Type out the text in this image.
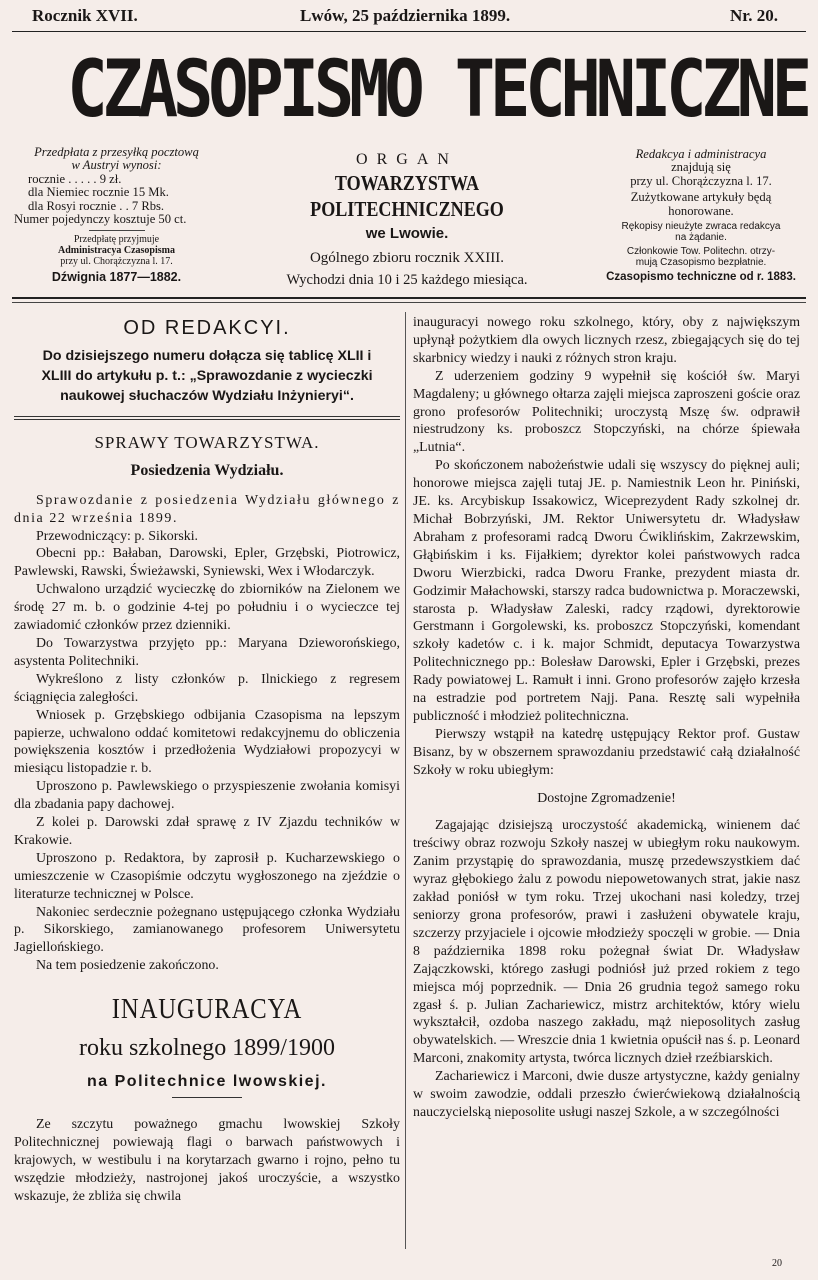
Rocznik XVII.	Lwów, 25 października 1899.	Nr. 20.
CZASOPISMO TECHNICZNE
Przedpłata z przesyłką pocztową
w Austryi wynosi:
rocznie . . . . . 9 zł.
dla Niemiec rocznie 15 Mk.
dla Rosyi rocznie . . 7 Rbs.
Numer pojedynczy kosztuje 50 ct.
Przedpłatę przyjmuje
Administracya Czasopisma
przy ul. Chorążczyzna l. 17.
Dźwignia 1877—1882.
ORGAN
TOWARZYSTWA POLITECHNICZNEGO
we Lwowie.
Ogólnego zbioru rocznik XXIII.
Wychodzi dnia 10 i 25 każdego miesiąca.
Redakcya i administracya
znajdują się
przy ul. Chorążczyzna l. 17.
Zużytkowane artykuły będą
honorowane.
Rękopisy nieużyte zwraca redakcya
na żądanie.
Członkowie Tow. Politechn. otrzy-
mują Czasopismo bezpłatnie.
Czasopismo techniczne od r. 1883.
OD REDAKCYI.
Do dzisiejszego numeru dołącza się tablicę XLII i XLIII do artykułu p. t.: „Sprawozdanie z wycieczki naukowej słuchaczów Wydziału Inżynieryi“.
SPRAWY TOWARZYSTWA.
Posiedzenia Wydziału.

Sprawozdanie z posiedzenia Wydziału głównego z dnia 22 września 1899.

Przewodniczący: p. Sikorski.

Obecni pp.: Bałaban, Darowski, Epler, Grzębski, Piotrowicz, Pawlewski, Rawski, Świeżawski, Syniewski, Wex i Włodarczyk.

Uchwalono urządzić wycieczkę do zbiorników na Zielonem we środę 27 m. b. o godzinie 4-tej po południu i o wycieczce tej zawiadomić członków przez dzienniki.

Do Towarzystwa przyjęto pp.: Maryana Dzieworońskiego, asystenta Politechniki.

Wykreślono z listy członków p. Ilnickiego z regresem ściągnięcia zaległości.

Wniosek p. Grzębskiego odbijania Czasopisma na lepszym papierze, uchwalono oddać komitetowi redakcyjnemu do obliczenia powiększenia kosztów i przedłożenia Wydziałowi propozycyi w miesiącu listopadzie r. b.

Uproszono p. Pawlewskiego o przyspieszenie zwołania komisyi dla zbadania papy dachowej.

Z kolei p. Darowski zdał sprawę z IV Zjazdu techników w Krakowie.

Uproszono p. Redaktora, by zaprosił p. Kucharzewskiego o umieszczenie w Czasopiśmie odczytu wygłoszonego na zjeździe o literaturze technicznej w Polsce.

Nakoniec serdecznie pożegnano ustępującego członka Wydziału p. Sikorskiego, zamianowanego profesorem Uniwersytetu Jagiellońskiego.

Na tem posiedzenie zakończono.

INAUGURACYA
roku szkolnego 1899/1900
na Politechnice lwowskiej.

Ze szczytu poważnego gmachu lwowskiej Szkoły Politechnicznej powiewają flagi o barwach państwowych i krajowych, w westibulu i na korytarzach gwarno i rojno, pełno tu wszędzie młodzieży, nastrojonej jakoś uroczyście, a wszystko wskazuje, że zbliża się chwila

inauguracyi nowego roku szkolnego, który, oby z największym upłynął pożytkiem dla owych licznych rzesz, zbiegających się do tej skarbnicy wiedzy i nauki z różnych stron kraju.

Z uderzeniem godziny 9 wypełnił się kościół św. Maryi Magdaleny; u głównego ołtarza zajęli miejsca zaproszeni goście oraz grono profesorów Politechniki; uroczystą Mszę św. odprawił niestrudzony ks. proboszcz Stopczyński, na chórze śpiewała „Lutnia“.

Po skończonem nabożeństwie udali się wszyscy do pięknej auli; honorowe miejsca zajęli tutaj JE. p. Namiestnik Leon hr. Piniński, JE. ks. Arcybiskup Issakowicz, Wiceprezydent Rady szkolnej dr. Michał Bobrzyński, JM. Rektor Uniwersytetu dr. Władysław Abraham z profesorami radcą Dworu Ćwiklińskim, Zakrzewskim, Głąbińskim i ks. Fijałkiem; dyrektor kolei państwowych radca Dworu Wierzbicki, radca Dworu Franke, prezydent miasta dr. Godzimir Małachowski, starszy radca budownictwa p. Moraczewski, starosta p. Władysław Zaleski, radcy rządowi, dyrektorowie Gerstmann i Gorgolewski, ks. proboszcz Stopczyński, komendant szkoły kadetów c. i k. major Schmidt, deputacya Towarzystwa Politechnicznego pp.: Bolesław Darowski, Epler i Grzębski, prezes Rady powiatowej L. Ramułt i inni. Grono profesorów zajęło krzesła na estradzie pod portretem Najj. Pana. Resztę sali wypełniła publiczność i młodzież politechniczna.

Pierwszy wstąpił na katedrę ustępujący Rektor prof. Gustaw Bisanz, by w obszernem sprawozdaniu przedstawić całą działalność Szkoły w roku ubiegłym:

Dostojne Zgromadzenie!

Zagajając dzisiejszą uroczystość akademicką, winienem dać treściwy obraz rozwoju Szkoły naszej w ubiegłym roku naukowym. Zanim przystąpię do sprawozdania, muszę przedewszystkiem dać wyraz głębokiego żalu z powodu niepowetowanych strat, jakie nasz zakład poniósł w tym roku. Trzej ukochani nasi koledzy, trzej seniorzy grona profesorów, prawi i zasłużeni obywatele kraju, szczerzy przyjaciele i ojcowie młodzieży spoczęli w grobie. — Dnia 8 października 1898 roku pożegnał świat Dr. Władysław Zajączkowski, którego zasługi podniósł już przed rokiem z tego miejsca mój poprzednik. — Dnia 26 grudnia tegoż samego roku zgasł ś. p. Julian Zachariewicz, mistrz architektów, który wielu wykształcił, ozdoba naszego zakładu, mąż nieposolitych zasług obywatelskich. — Wreszcie dnia 1 kwietnia opuścił nas ś. p. Leonard Marconi, znakomity artysta, twórca licznych dzieł rzeźbiarskich.

Zachariewicz i Marconi, dwie dusze artystyczne, każdy genialny w swoim zawodzie, oddali przeszło ćwierćwiekową działalnością nauczycielską nieposolite usługi naszej Szkole, a w szczególności

20
